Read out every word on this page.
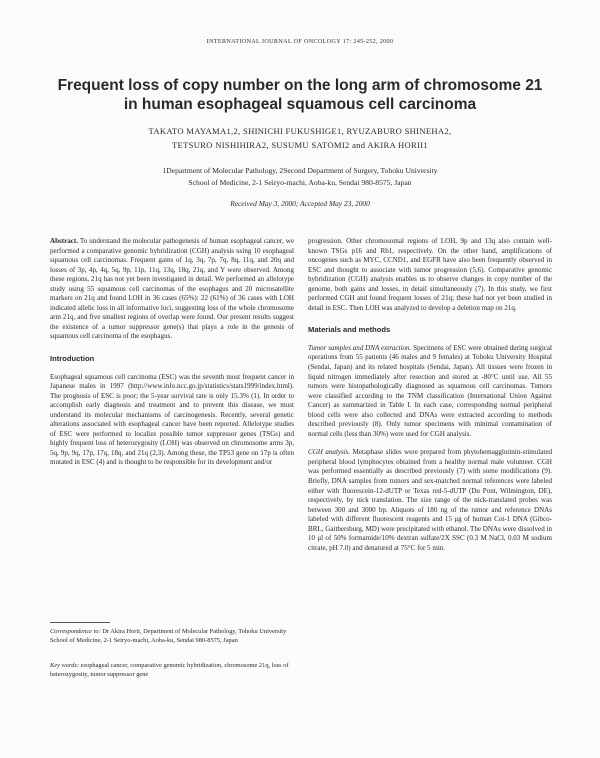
INTERNATIONAL JOURNAL OF ONCOLOGY 17: 245-252, 2000
Frequent loss of copy number on the long arm of chromosome 21
in human esophageal squamous cell carcinoma
TAKATO MAYAMA1,2, SHINICHI FUKUSHIGE1, RYUZABURO SHINEHA2,
TETSURO NISHIHIRA2, SUSUMU SATOMI2 and AKIRA HORII1
1Department of Molecular Pathology, 2Second Department of Surgery, Tohoku University
School of Medicine, 2-1 Seiryo-machi, Aoba-ku, Sendai 980-8575, Japan
Received May 3, 2000; Accepted May 23, 2000

Abstract. To understand the molecular pathogenesis of human esophageal cancer, we performed a comparative genomic hybridization (CGH) analysis using 10 esophageal squamous cell carcinomas. Frequent gains of 1q, 3q, 7p, 7q, 8q, 11q, and 20q and losses of 3p, 4p, 4q, 5q, 9p, 11p, 11q, 13q, 18q, 21q, and Y were observed. Among these regions, 21q has not yet been investigated in detail. We performed an allelotype study using 55 squamous cell carcinomas of the esophagus and 20 microsatellite markers on 21q and found LOH in 36 cases (65%): 22 (61%) of 36 cases with LOH indicated allelic loss in all informative loci, suggesting loss of the whole chromosome arm 21q, and five smallest regions of overlap were found. Our present results suggest the existence of a tumor suppressor gene(s) that plays a role in the genesis of squamous cell carcinoma of the esophagus.

Introduction

Esophageal squamous cell carcinoma (ESC) was the seventh most frequent cancer in Japanese males in 1997 (http://www.info.ncc.go.jp/statistics/stats1999/index.html). The prognosis of ESC is poor; the 5-year survival rate is only 15.3% (1). In order to accomplish early diagnosis and treatment and to prevent this disease, we must understand its molecular mechanisms of carcinogenesis. Recently, several genetic alterations associated with esophageal cancer have been reported. Allelotype studies of ESC were performed to localize possible tumor suppressor genes (TSGs) and highly frequent loss of heterozygosity (LOH) was observed on chromosome arms 3p, 5q, 9p, 9q, 17p, 17q, 18q, and 21q (2,3). Among these, the TP53 gene on 17p is often mutated in ESC (4) and is thought to be responsible for its development and/or

Correspondence to: Dr Akira Horii, Department of Molecular Pathology, Tohoku University School of Medicine, 2-1 Seiryo-machi, Aoba-ku, Sendai 980-8575, Japan

Key words: esophageal cancer, comparative genomic hybridization, chromosome 21q, loss of heterozygosity, tumor suppressor gene

progression. Other chromosomal regions of LOH, 9p and 13q also contain well-known TSGs p16 and Rb1, respectively. On the other hand, amplifications of oncogenes such as MYC, CCND1, and EGFR have also been frequently observed in ESC and thought to associate with tumor progression (5,6). Comparative genomic hybridization (CGH) analysis enables us to observe changes in copy number of the genome, both gains and losses, in detail simultaneously (7). In this study, we first performed CGH and found frequent losses of 21q; these had not yet been studied in detail in ESC. Then LOH was analyzed to develop a deletion map on 21q.

Materials and methods

Tumor samples and DNA extraction. Specimens of ESC were obtained during surgical operations from 55 patients (46 males and 9 females) at Tohoku University Hospital (Sendai, Japan) and its related hospitals (Sendai, Japan). All tissues were frozen in liquid nitrogen immediately after resection and stored at -80°C until use. All 55 tumors were histopathologically diagnosed as squamous cell carcinomas. Tumors were classified according to the TNM classification (International Union Against Cancer) as summarized in Table I. In each case, corresponding normal peripheral blood cells were also collected and DNAs were extracted according to methods described previously (8). Only tumor specimens with minimal contamination of normal cells (less than 30%) were used for CGH analysis.

CGH analysis. Metaphase slides were prepared from phytohemagglutinin-stimulated peripheral blood lymphocytes obtained from a healthy normal male volunteer. CGH was performed essentially as described previously (7) with some modifications (9). Briefly, DNA samples from tumors and sex-matched normal references were labeled either with fluorescein-12-dUTP or Texas red-5-dUTP (Du Pont, Wilmington, DE), respectively, by nick translation. The size range of the nick-translated probes was between 300 and 3000 bp. Aliquots of 180 ng of the tumor and reference DNAs labeled with different fluorescent reagents and 15 μg of human Cot-1 DNA (Gibco-BRL, Gaithersburg, MD) were precipitated with ethanol. The DNAs were dissolved in 10 μl of 50% formamide/10% dextran sulfate/2X SSC (0.3 M NaCl, 0.03 M sodium citrate, pH 7.0) and denatured at 75°C for 5 min.
